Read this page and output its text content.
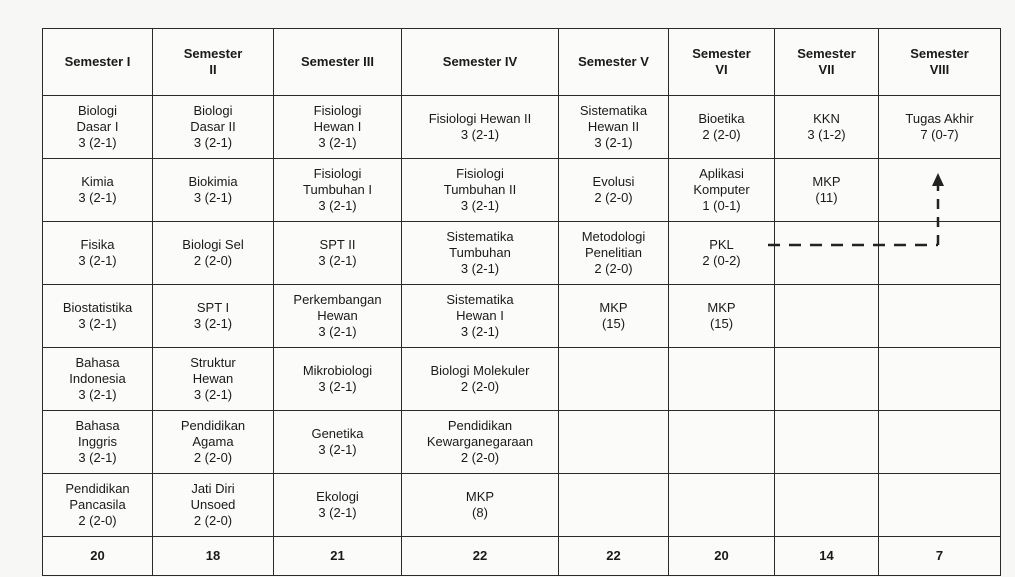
Semester I	Semester
II	Semester III	Semester IV	Semester V	Semester
VI	Semester
VII	Semester
VIII

Biologi
Dasar I
3 (2-1)	Biologi
Dasar II
3 (2-1)	Fisiologi
Hewan I
3 (2-1)	Fisiologi Hewan II
3 (2-1)	Sistematika
Hewan II
3 (2-1)	Bioetika
2 (2-0)	KKN
3 (1-2)	Tugas Akhir
7 (0-7)

Kimia
3 (2-1)	Biokimia
3 (2-1)	Fisiologi
Tumbuhan I
3 (2-1)	Fisiologi
Tumbuhan II
3 (2-1)	Evolusi
2 (2-0)	Aplikasi
Komputer
1 (0-1)	MKP
(11)	

Fisika
3 (2-1)	Biologi Sel
2 (2-0)	SPT II
3 (2-1)	Sistematika
Tumbuhan
3 (2-1)	Metodologi
Penelitian
2 (2-0)	PKL
2 (0-2)		

Biostatistika
3 (2-1)	SPT I
3 (2-1)	Perkembangan
Hewan
3 (2-1)	Sistematika
Hewan I
3 (2-1)	MKP
(15)	MKP
(15)		

Bahasa
Indonesia
3 (2-1)	Struktur
Hewan
3 (2-1)	Mikrobiologi
3 (2-1)	Biologi Molekuler
2 (2-0)				

Bahasa
Inggris
3 (2-1)	Pendidikan
Agama
2 (2-0)	Genetika
3 (2-1)	Pendidikan
Kewarganegaraan
2 (2-0)				

Pendidikan
Pancasila
2 (2-0)	Jati Diri
Unsoed
2 (2-0)	Ekologi
3 (2-1)	MKP
(8)				

20	18	21	22	22	20	14	7
